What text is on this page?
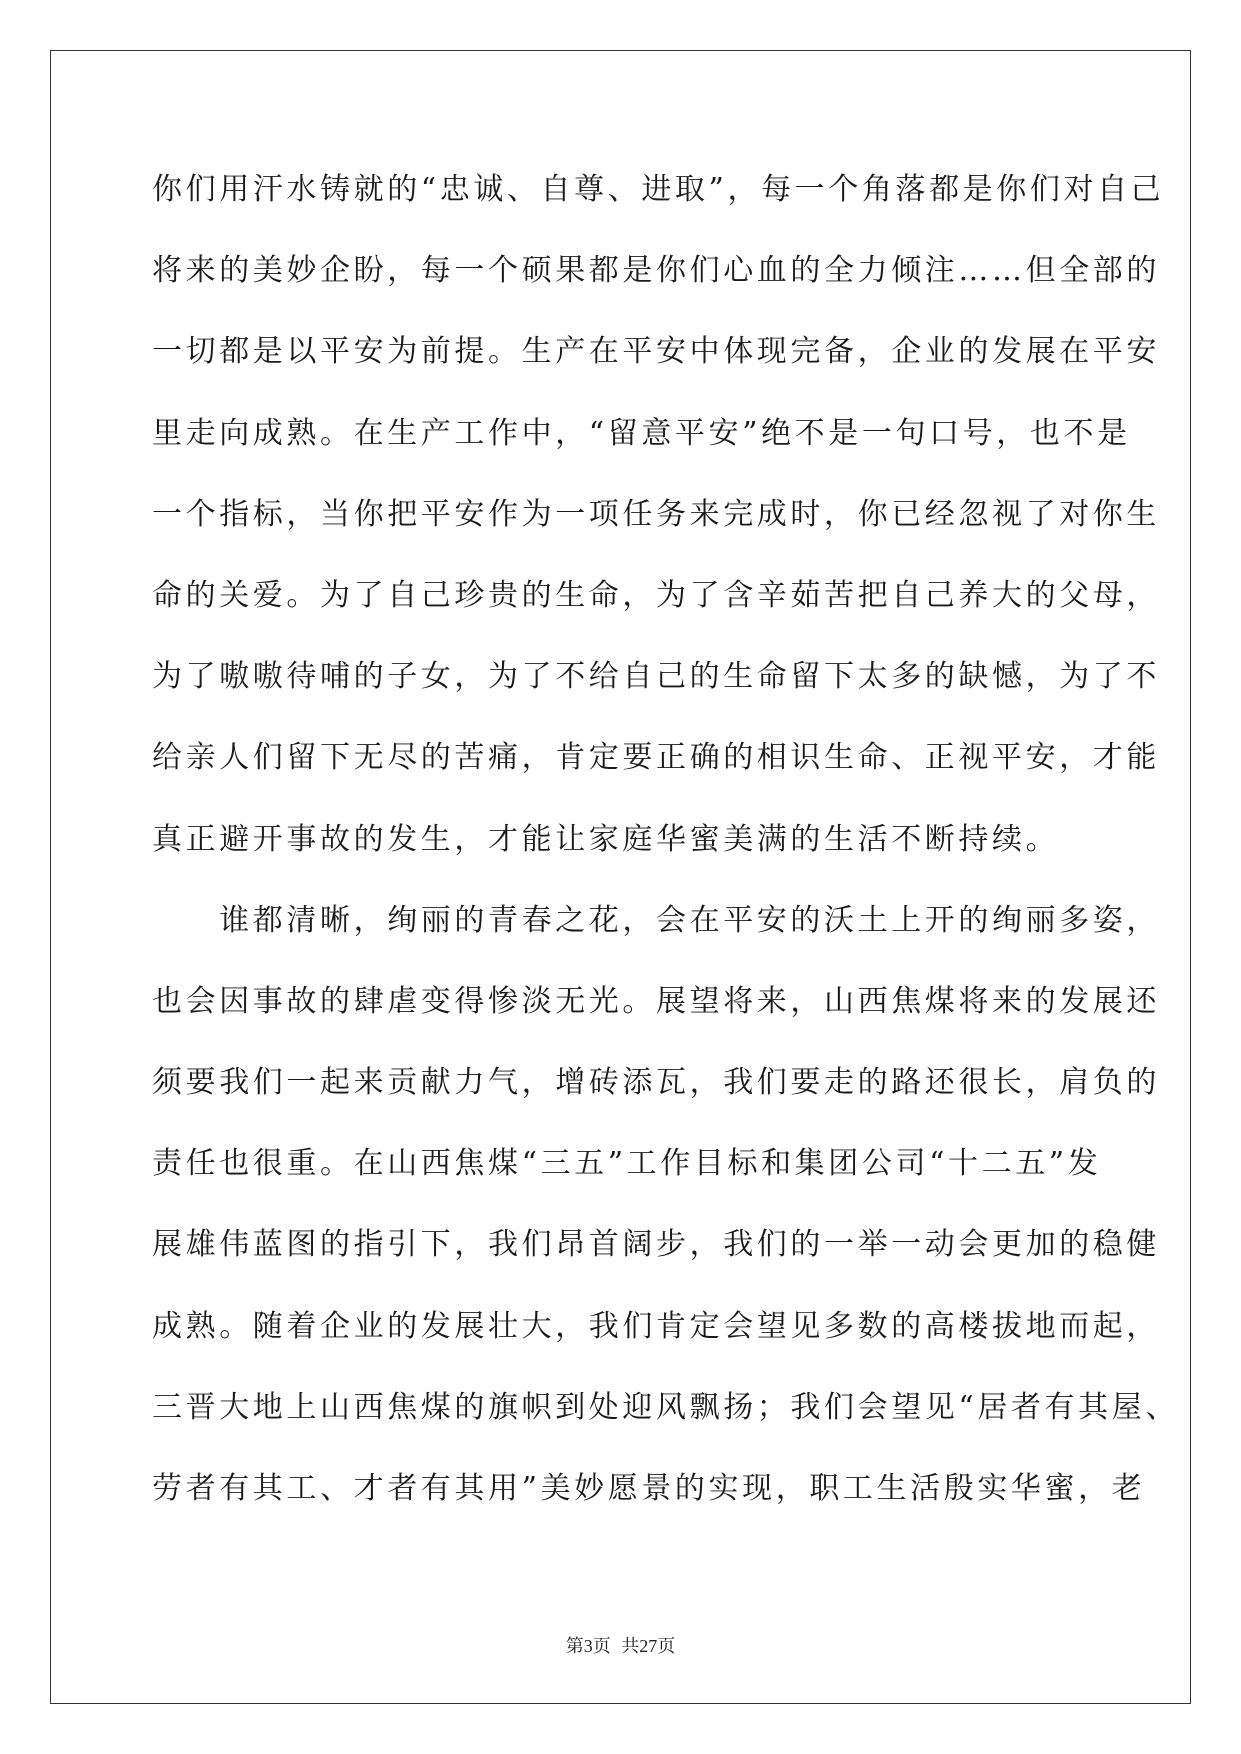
你们用汗水铸就的“忠诚、自尊、进取”，每一个角落都是你们对自己
将来的美妙企盼，每一个硕果都是你们心血的全力倾注……但全部的
一切都是以平安为前提。生产在平安中体现完备，企业的发展在平安
里走向成熟。在生产工作中，“留意平安”绝不是一句口号，也不是
一个指标，当你把平安作为一项任务来完成时，你已经忽视了对你生
命的关爱。为了自己珍贵的生命，为了含辛茹苦把自己养大的父母，
为了嗷嗷待哺的子女，为了不给自己的生命留下太多的缺憾，为了不
给亲人们留下无尽的苦痛，肯定要正确的相识生命、正视平安，才能
真正避开事故的发生，才能让家庭华蜜美满的生活不断持续。
　　谁都清晰，绚丽的青春之花，会在平安的沃土上开的绚丽多姿，
也会因事故的肆虐变得惨淡无光。展望将来，山西焦煤将来的发展还
须要我们一起来贡献力气，增砖添瓦，我们要走的路还很长，肩负的
责任也很重。在山西焦煤“三五”工作目标和集团公司“十二五”发
展雄伟蓝图的指引下，我们昂首阔步，我们的一举一动会更加的稳健
成熟。随着企业的发展壮大，我们肯定会望见多数的高楼拔地而起，
三晋大地上山西焦煤的旗帜到处迎风飘扬；我们会望见“居者有其屋、
劳者有其工、才者有其用”美妙愿景的实现，职工生活殷实华蜜，老
第3页 共27页
